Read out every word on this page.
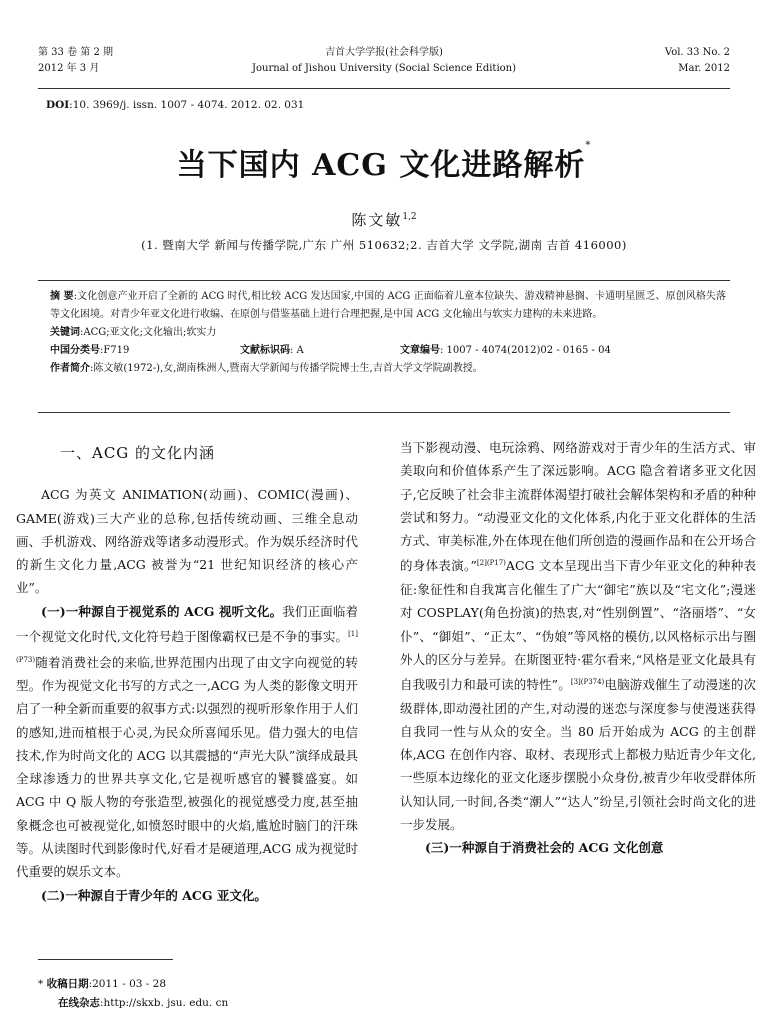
第 33 卷 第 2 期
2012 年 3 月
吉首大学学报(社会科学版)
Journal of Jishou University (Social Science Edition)
Vol. 33 No. 2
Mar. 2012
DOI:10. 3969/j. issn. 1007 - 4074. 2012. 02. 031
当下国内 ACG 文化进路解析*
陈文敏$^{1,2}$
(1. 暨南大学 新闻与传播学院,广东 广州 510632;2. 吉首大学 文学院,湖南 吉首 416000)
摘 要:文化创意产业开启了全新的 ACG 时代,相比较 ACG 发达国家,中国的 ACG 正面临着儿童本位缺失、游戏精神悬搁、卡通明星匮乏、原创风格失落等文化困境。对青少年亚文化进行收编、在原创与借鉴基础上进行合理把握,是中国 ACG 文化输出与软实力建构的未来进路。
关键词:ACG;亚文化;文化输出;软实力
中国分类号:F719	文献标识码: A	文章编号: 1007 - 4074(2012)02 - 0165 - 04
作者简介:陈文敏(1972-),女,湖南株洲人,暨南大学新闻与传播学院博士生,吉首大学文学院副教授。

一、ACG 的文化内涵

ACG 为英文 ANIMATION(动画)、COMIC(漫画)、GAME(游戏)三大产业的总称,包括传统动画、三维全息动画、手机游戏、网络游戏等诸多动漫形式。作为娱乐经济时代的新生文化力量,ACG 被誉为“21 世纪知识经济的核心产业”。

(一)一种源自于视觉系的 ACG 视听文化。我们正面临着一个视觉文化时代,文化符号趋于图像霸权已是不争的事实。$^{[1](P73)}$随着消费社会的来临,世界范围内出现了由文字向视觉的转型。作为视觉文化书写的方式之一,ACG 为人类的影像文明开启了一种全新而重要的叙事方式:以强烈的视听形象作用于人们的感知,进而植根于心灵,为民众所喜闻乐见。借力强大的电信技术,作为时尚文化的 ACG 以其震撼的“声光大队”演绎成最具全球渗透力的世界共享文化,它是视听感官的饕餮盛宴。如 ACG 中 Q 版人物的夸张造型,被强化的视觉感受力度,甚至抽象概念也可被视觉化,如愤怒时眼中的火焰,尴尬时脑门的汗珠等。从读图时代到影像时代,好看才是硬道理,ACG 成为视觉时代重要的娱乐文本。

(二)一种源自于青少年的 ACG 亚文化。

当下影视动漫、电玩涂鸦、网络游戏对于青少年的生活方式、审美取向和价值体系产生了深远影响。ACG 隐含着诸多亚文化因子,它反映了社会非主流群体渴望打破社会解体架构和矛盾的种种尝试和努力。“动漫亚文化的文化体系,内化于亚文化群体的生活方式、审美标准,外在体现在他们所创造的漫画作品和在公开场合的身体表演。”$^{[2](P17)}$ACG 文本呈现出当下青少年亚文化的种种表征:象征性和自我寓言化催生了广大“御宅”族以及“宅文化”;漫迷对 COSPLAY(角色扮演)的热衷,对“性别倒置”、“洛丽塔”、“女仆”、“御姐”、“正太”、“伪娘”等风格的模仿,以风格标示出与圈外人的区分与差异。在斯图亚特·霍尔看来,“风格是亚文化最具有自我吸引力和最可读的特性”。$^{[3](P374)}$电脑游戏催生了动漫迷的次级群体,即动漫社团的产生,对动漫的迷恋与深度参与使漫迷获得自我同一性与从众的安全。当 80 后开始成为 ACG 的主创群体,ACG 在创作内容、取材、表现形式上都极力贴近青少年文化,一些原本边缘化的亚文化逐步摆脱小众身份,被青少年收受群体所认知认同,一时间,各类“潮人”“达人”纷呈,引领社会时尚文化的进一步发展。

(三)一种源自于消费社会的 ACG 文化创意

* 收稿日期:2011 - 03 - 28
在线杂志:http://skxb. jsu. edu. cn
